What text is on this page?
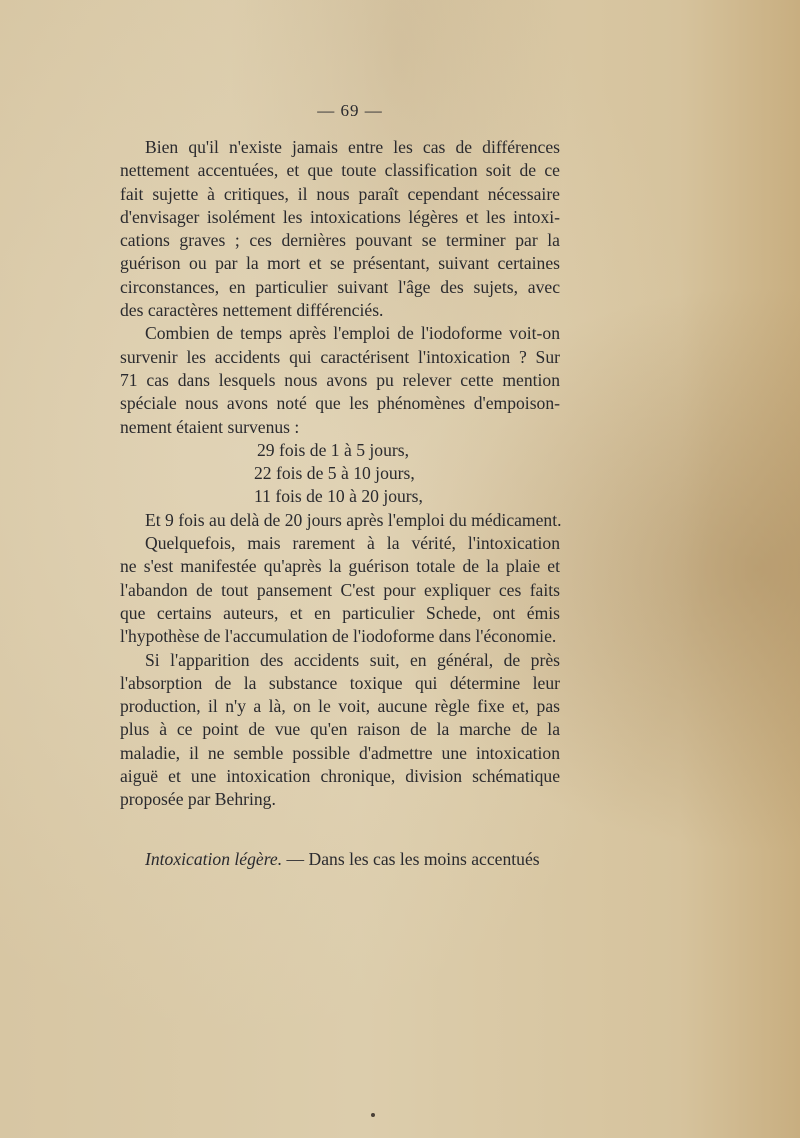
— 69 —
Bien qu'il n'existe jamais entre les cas de différences
nettement accentuées, et que toute classification soit de ce
fait sujette à critiques, il nous paraît cependant nécessaire
d'envisager isolément les intoxications légères et les intoxi-
cations graves ; ces dernières pouvant se terminer par la
guérison ou par la mort et se présentant, suivant certaines
circonstances, en particulier suivant l'âge des sujets, avec
des caractères nettement différenciés.
Combien de temps après l'emploi de l'iodoforme voit-on
survenir les accidents qui caractérisent l'intoxication ? Sur
71 cas dans lesquels nous avons pu relever cette mention
spéciale nous avons noté que les phénomènes d'empoison-
nement étaient survenus :
29 fois de 1 à 5 jours,
22 fois de 5 à 10 jours,
11 fois de 10 à 20 jours,
Et 9 fois au delà de 20 jours après l'emploi du médicament.
Quelquefois, mais rarement à la vérité, l'intoxication
ne s'est manifestée qu'après la guérison totale de la plaie et
l'abandon de tout pansement C'est pour expliquer ces faits
que certains auteurs, et en particulier Schede, ont émis
l'hypothèse de l'accumulation de l'iodoforme dans l'économie.
Si l'apparition des accidents suit, en général, de près
l'absorption de la substance toxique qui détermine leur
production, il n'y a là, on le voit, aucune règle fixe et, pas
plus à ce point de vue qu'en raison de la marche de la
maladie, il ne semble possible d'admettre une intoxication
aiguë et une intoxication chronique, division schématique
proposée par Behring.
Intoxication légère. — Dans les cas les moins accentués
